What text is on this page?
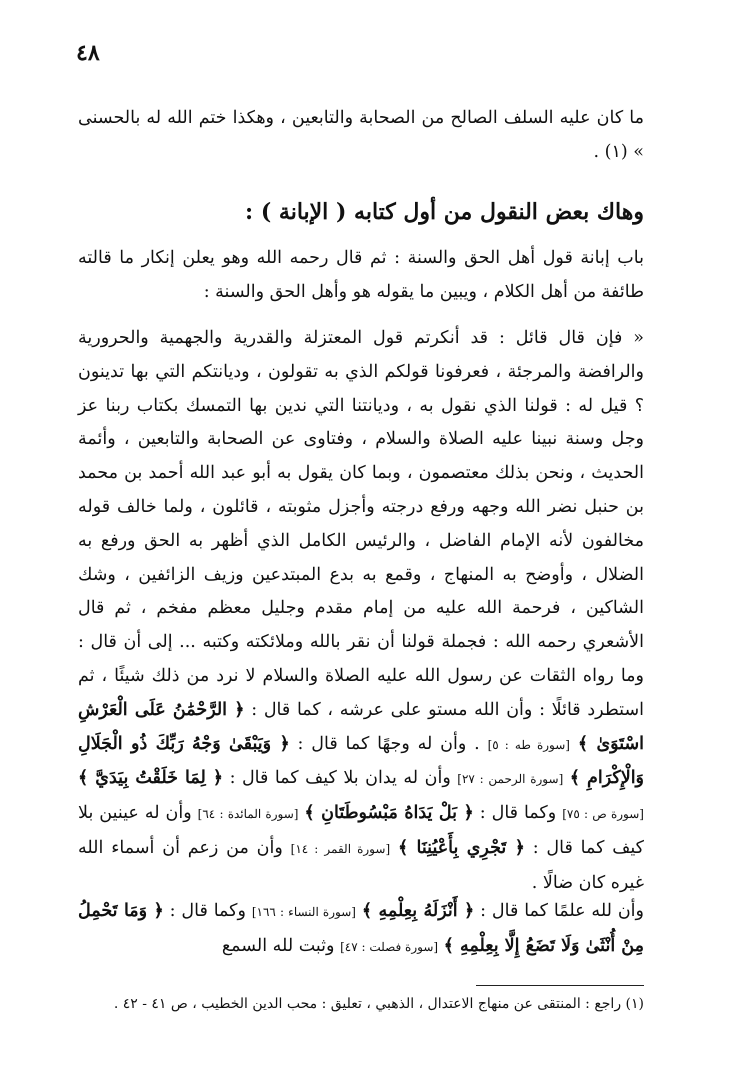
٤٨
ما كان عليه السلف الصالح من الصحابة والتابعين ، وهكذا ختم الله له بالحسنى » (١) .
وهاك بعض النقول من أول كتابه ( الإبانة ) :
باب إبانة قول أهل الحق والسنة : ثم قال رحمه الله وهو يعلن إنكار ما قالته طائفة من أهل الكلام ، ويبين ما يقوله هو وأهل الحق والسنة :
« فإن قال قائل : قد أنكرتم قول المعتزلة والقدرية والجهمية والحرورية والرافضة والمرجئة ، فعرفونا قولكم الذي به تقولون ، وديانتكم التي بها تدينون ؟ قيل له : قولنا الذي نقول به ، وديانتنا التي ندين بها التمسك بكتاب ربنا عز وجل وسنة نبينا عليه الصلاة والسلام ، وفتاوى عن الصحابة والتابعين ، وأئمة الحديث ، ونحن بذلك معتصمون ، وبما كان يقول به أبو عبد الله أحمد بن محمد بن حنبل نضر الله وجهه ورفع درجته وأجزل مثوبته ، قائلون ، ولما خالف قوله مخالفون لأنه الإمام الفاضل ، والرئيس الكامل الذي أظهر به الحق ورفع به الضلال ، وأوضح به المنهاج ، وقمع به بدع المبتدعين وزيف الزائفين ، وشك الشاكين ، فرحمة الله عليه من إمام مقدم وجليل معظم مفخم ، ثم قال الأشعري رحمه الله : فجملة قولنا أن نقر بالله وملائكته وكتبه ... إلى أن قال : وما رواه الثقات عن رسول الله عليه الصلاة والسلام لا نرد من ذلك شيئًا ، ثم استطرد قائلًا : وأن الله مستو على عرشه ، كما قال : ﴿ الرَّحْمَٰنُ عَلَى الْعَرْشِ اسْتَوَىٰ ﴾ [سورة طه : ٥] . وأن له وجهًا كما قال : ﴿ وَيَبْقَىٰ وَجْهُ رَبِّكَ ذُو الْجَلَالِ وَالْإِكْرَامِ ﴾ [سورة الرحمن : ٢٧] وأن له يدان بلا كيف كما قال : ﴿ لِمَا خَلَقْتُ بِيَدَيَّ ﴾ [سورة ص : ٧٥] وكما قال : ﴿ بَلْ يَدَاهُ مَبْسُوطَتَانِ ﴾ [سورة المائدة : ٦٤] وأن له عينين بلا كيف كما قال : ﴿ تَجْرِي بِأَعْيُنِنَا ﴾ [سورة القمر : ١٤] وأن من زعم أن أسماء الله غيره كان ضالًا .
وأن لله علمًا كما قال : ﴿ أَنْزَلَهُ بِعِلْمِهِ ﴾ [سورة النساء : ١٦٦] وكما قال : ﴿ وَمَا تَحْمِلُ مِنْ أُنْثَىٰ وَلَا تَضَعُ إِلَّا بِعِلْمِهِ ﴾ [سورة فصلت : ٤٧] وثبت لله السمع
(١) راجع : المنتقى عن منهاج الاعتدال ، الذهبي ، تعليق : محب الدين الخطيب ، ص ٤١ - ٤٢ .
